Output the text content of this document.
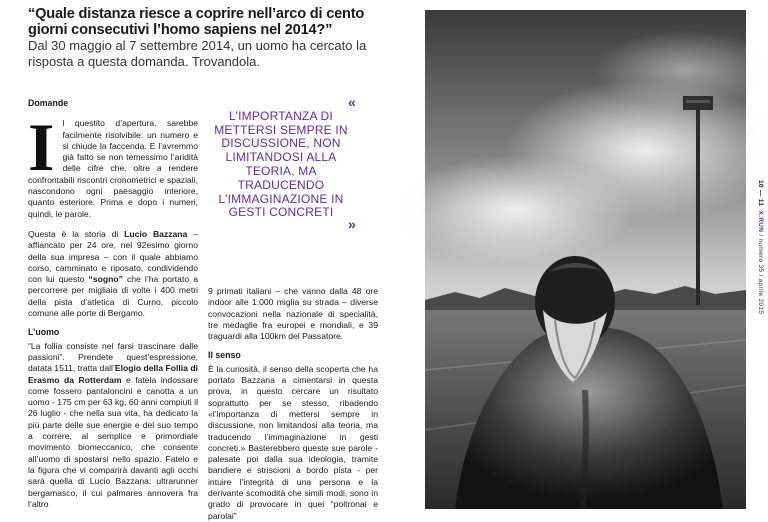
“Quale distanza riesce a coprire nell’arco di cento giorni consecutivi l’homo sapiens nel 2014?”
Dal 30 maggio al 7 settembre 2014, un uomo ha cercato la risposta a questa domanda. Trovandola.
Domande

Il questito d’apertura, sarebbe facilmente risolvibile: un numero e si chiude la faccenda. E l’avremmo già fatto se non temessimo l’aridità delle cifre che, oltre a rendere confrontabili riscontri cronometrici e spaziali, nascondono ogni paesaggio interiore, quanto esteriore. Prima e dopo i numeri, quindi, le parole.

Questa è la storia di Lucio Bazzana – affiancato per 24 ore, nel 92esimo giorno della sua impresa – con il quale abbiamo corso, camminato e riposato, condividendo con lui questo “sogno” che l’ha portato a percorrere per migliaia di volte i 400 metri della pista d’atletica di Curno, piccolo comune alle porte di Bergamo.

L’uomo

“La follia consiste nel farsi trascinare dalle passioni”. Prendete quest’espressione, datata 1511, tratta dall’Elogio della Follia di Erasmo da Rotterdam e fatela indossare come fossero pantaloncini e canotta a un uomo - 175 cm per 63 kg, 60 anni compiuti il 26 luglio - che nella sua vita, ha dedicato la più parte delle sue energie e del suo tempo a correre, al semplice e primordiale movimento biomeccanico, che consente all’uomo di spostarsi nello spazio. Fatelo e la figura che vi comparirà davanti agli occhi sarà quella di Lucio Bazzana: ultrarunner bergamasco, il cui palmares annovera fra l’altro

«
L’IMPORTANZA DI METTERSI SEMPRE IN DISCUSSIONE, NON LIMITANDOSI ALLA TEORIA, MA TRADUCENDO L’IMMAGINAZIONE IN GESTI CONCRETI
»

9 primati italiani – che vanno dalla 48 ore indoor alle 1.000 miglia su strada – diverse convocazioni nella nazionale di specialità, tre medaglie fra europei e mondiali, e 39 traguardi alla 100km del Passatore.

Il senso

È la curiosità, il senso della scoperta che ha portato Bazzana a cimentarsi in questa prova, in questo cercare un risultato soprattutto per se stesso, ribadendo «l’importanza di mettersi sempre in discussione, non limitandosi alla teoria, ma traducendo l’immaginazione in gesti concreti.» Basterebbero queste sue parole - palesate poi dalla sua ideologia, tramite bandiere e striscioni a bordo pista - per intuire l’integrità di una persona e la derivante scomodità che simili modi, sono in grado di provocare in quei “poltronai e parolai”

10 — 11  X.RUN / numero 35 / aprile 2015
